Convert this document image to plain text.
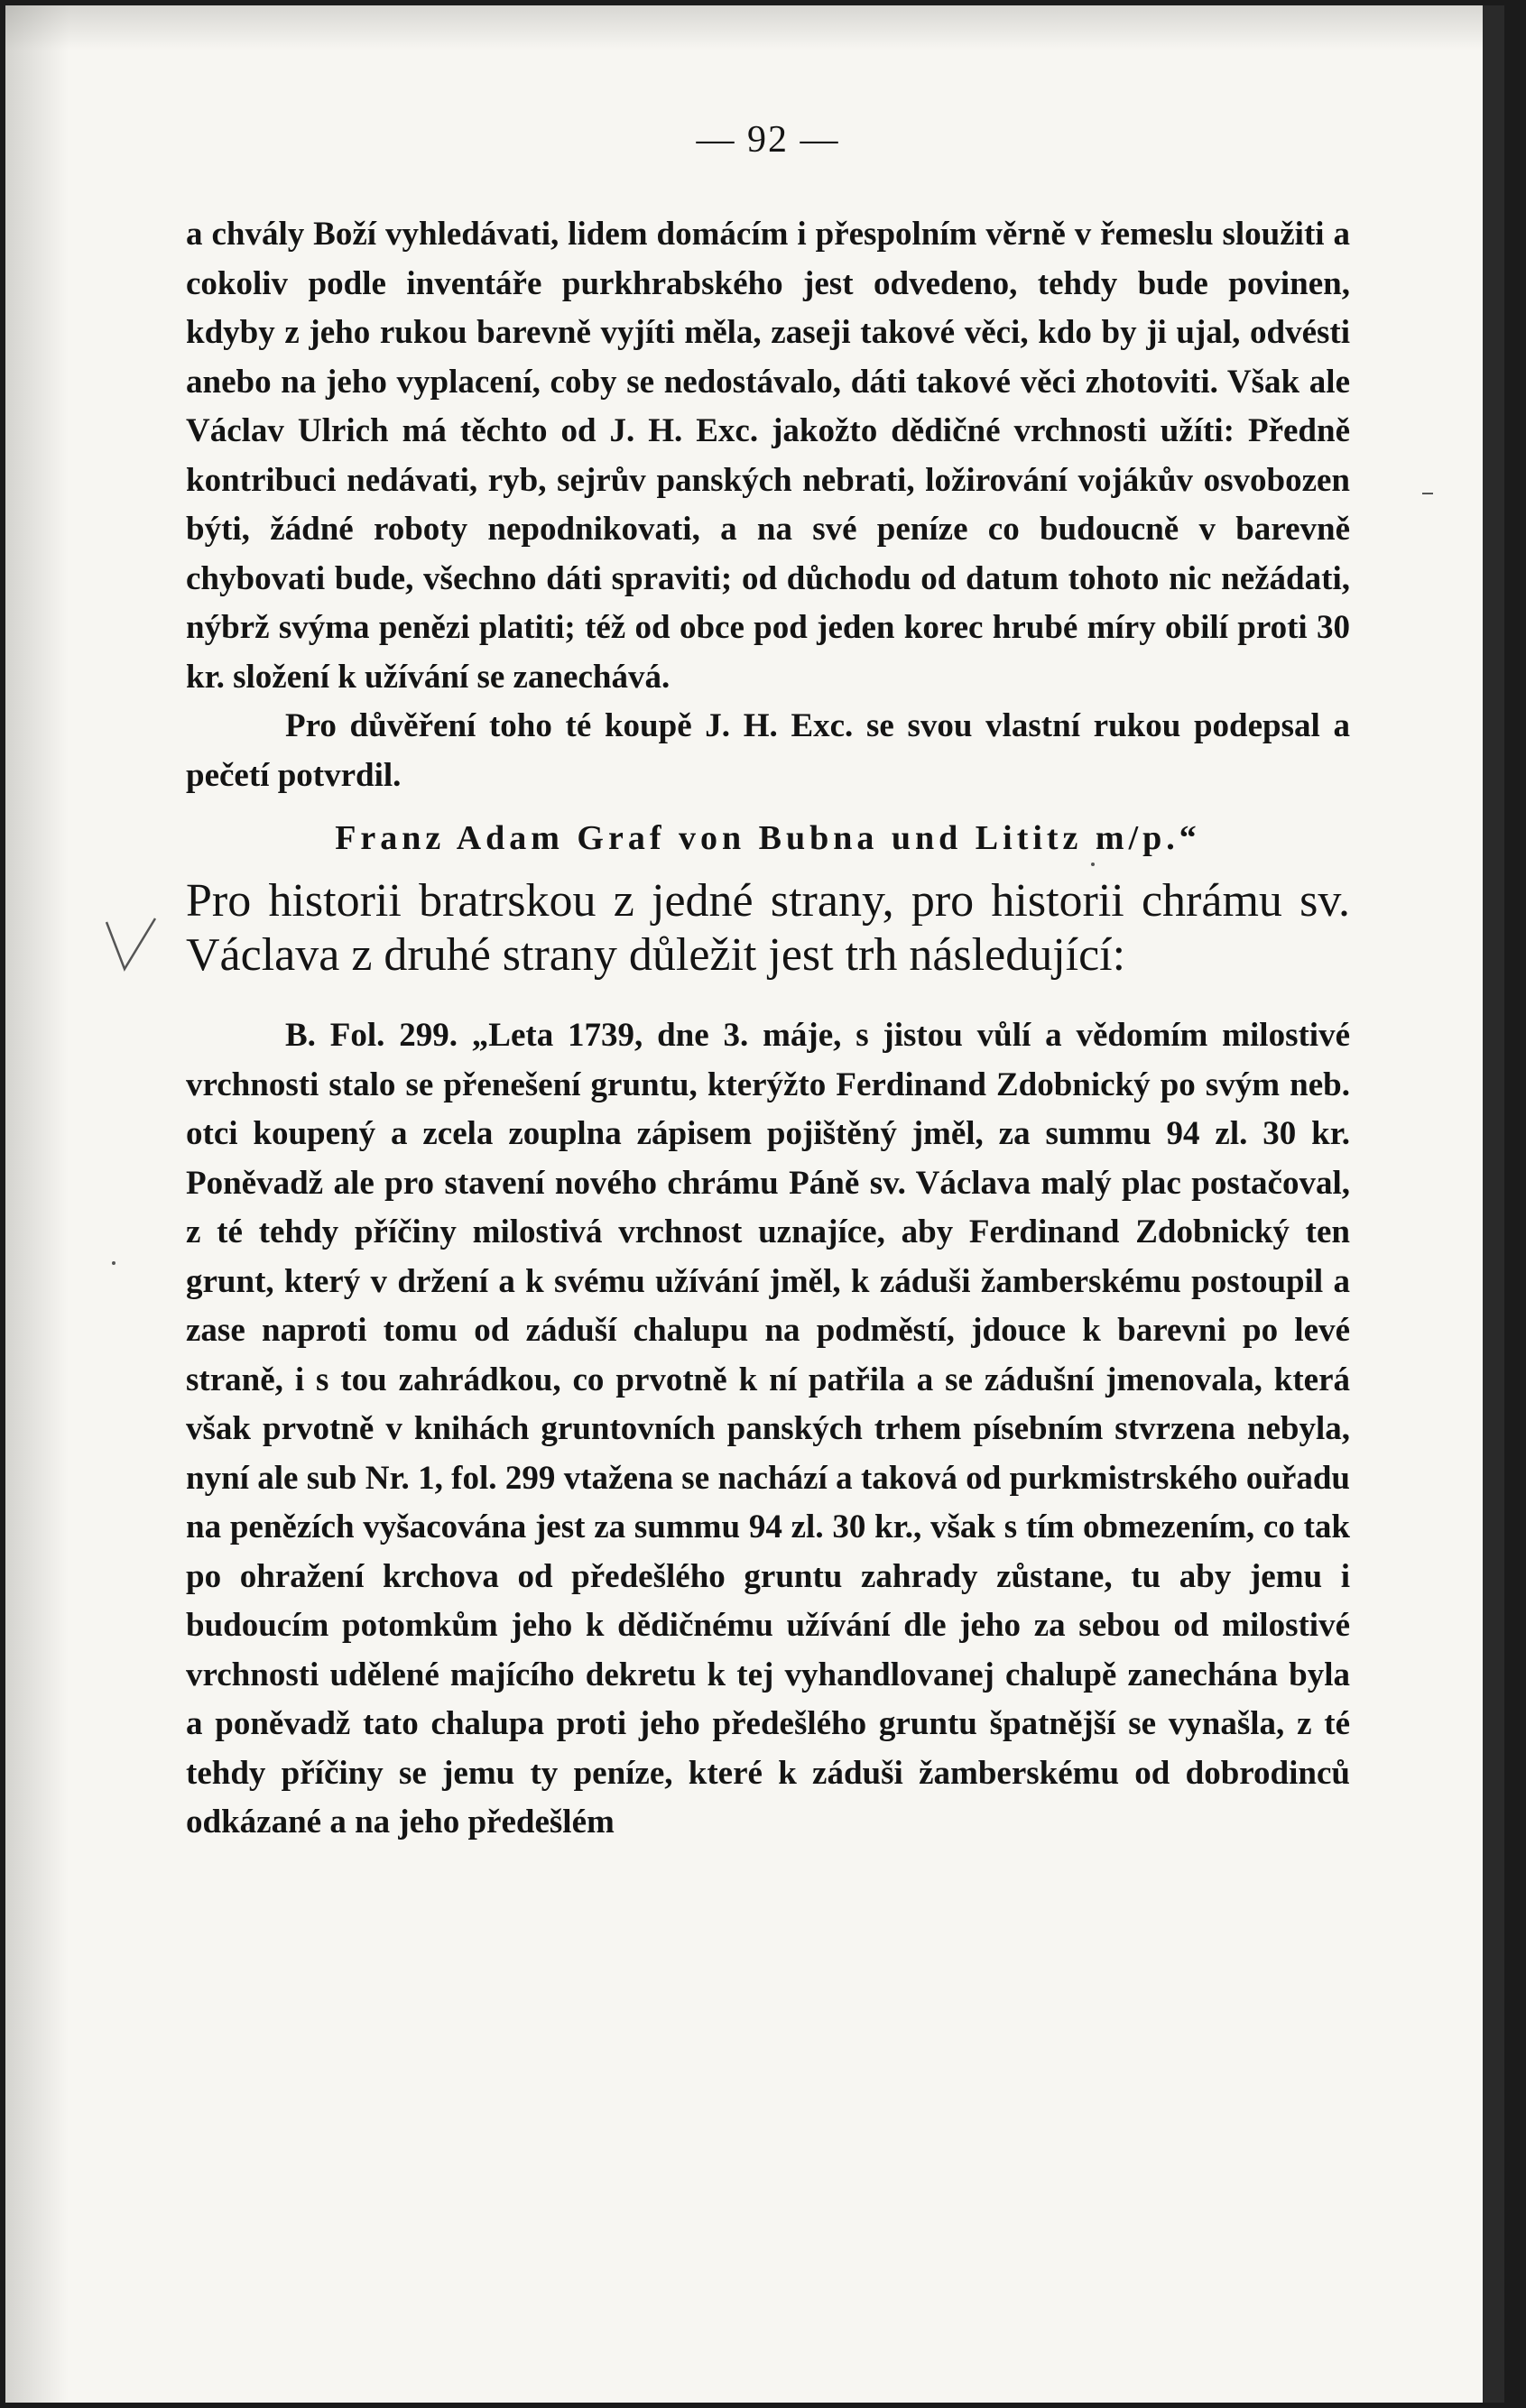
— 92 —

a chvály Boží vyhledávati, lidem domácím i přespolním věrně v řemeslu sloužiti a cokoliv podle inventáře purkhrabského jest odvedeno, tehdy bude povinen, kdyby z jeho rukou barevně vyjíti měla, zaseji takové věci, kdo by ji ujal, odvésti anebo na jeho vyplacení, coby se nedostávalo, dáti takové věci zhotoviti. Však ale Václav Ulrich má těchto od J. H. Exc. jakožto dědičné vrchnosti užíti: Předně kontribuci nedávati, ryb, sejrův panských nebrati, ložirování vojákův osvobozen býti, žádné roboty nepodnikovati, a na své peníze co budoucně v barevně chybovati bude, všechno dáti spraviti; od důchodu od datum tohoto nic nežádati, nýbrž svýma penězi platiti; též od obce pod jeden korec hrubé míry obilí proti 30 kr. složení k užívání se zanechává.

Pro důvěření toho té koupě J. H. Exc. se svou vlastní rukou podepsal a pečetí potvrdil.

Franz Adam Graf von Bubna und Lititz m/p.“
Pro historii bratrskou z jedné strany, pro historii chrámu sv. Václava z druhé strany důležit jest trh následující:

B. Fol. 299. „Leta 1739, dne 3. máje, s jistou vůlí a vědomím milostivé vrchnosti stalo se přenešení gruntu, kterýžto Ferdinand Zdobnický po svým neb. otci koupený a zcela zouplna zápisem pojištěný jměl, za summu 94 zl. 30 kr. Poněvadž ale pro stavení nového chrámu Páně sv. Václava malý plac postačoval, z té tehdy příčiny milostivá vrchnost uznajíce, aby Ferdinand Zdobnický ten grunt, který v držení a k svému užívání jměl, k záduši žamberskému postoupil a zase naproti tomu od záduší chalupu na podměstí, jdouce k barevni po levé straně, i s tou zahrádkou, co prvotně k ní patřila a se zádušní jmenovala, která však prvotně v knihách gruntovních panských trhem písebním stvrzena nebyla, nyní ale sub Nr. 1, fol. 299 vtažena se nachází a taková od purkmistrského ouřadu na penězích vyšacována jest za summu 94 zl. 30 kr., však s tím obmezením, co tak po ohražení krchova od předešlého gruntu zahrady zůstane, tu aby jemu i budoucím potomkům jeho k dědičnému užívání dle jeho za sebou od milostivé vrchnosti udělené majícího dekretu k tej vyhandlovanej chalupě zanechána byla a poněvadž tato chalupa proti jeho předešlého gruntu špatnější se vynašla, z té tehdy příčiny se jemu ty peníze, které k záduši žamberskému od dobrodinců odkázané a na jeho předešlém
